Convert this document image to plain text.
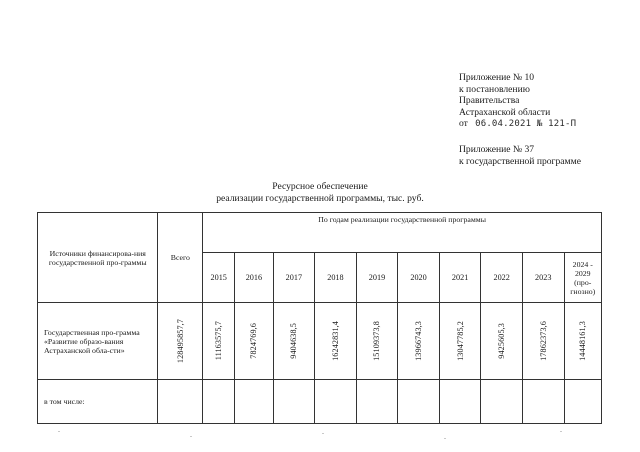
Приложение № 10
к постановлению
Правительства
Астраханской области
от 06.04.2021 № 121-П
Приложение № 37
к государственной программе
Ресурсное обеспечение
реализации государственной программы, тыс. руб.
Источники финансирова-ния государственной про-граммы	Всего	По годам реализации государственной программы									
		2015	2016	2017	2018	2019	2020	2021	2022	2023	2024 -
2029
(про-
гнозно)

Государственная про-грамма «Развитие образо-вания Астраханской обла-сти»	128495857,7	11163575,7	7824769,6	9404638,5	16242831,4	15109373,8	13966743,3	13047785,2	9425605,3	17862373,6	14448161,3

в том числе:											
